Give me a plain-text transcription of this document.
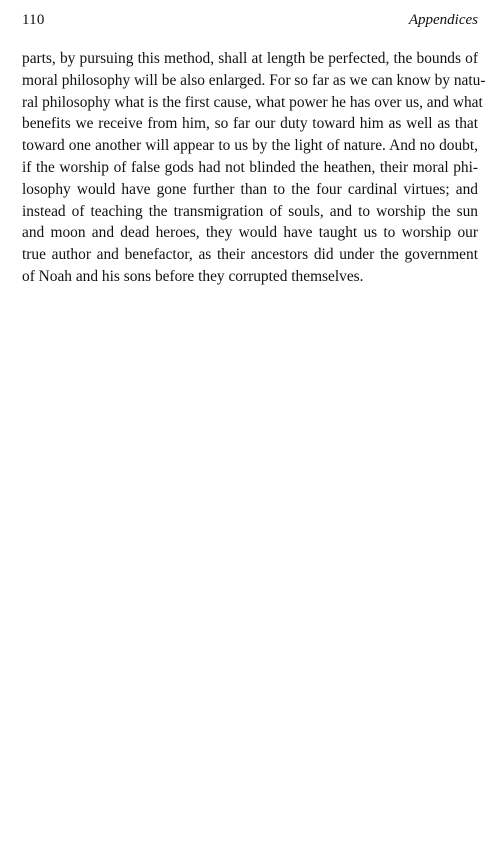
110	Appendices
parts, by pursuing this method, shall at length be perfected, the bounds of
moral philosophy will be also enlarged. For so far as we can know by natu-
ral philosophy what is the first cause, what power he has over us, and what
benefits we receive from him, so far our duty toward him as well as that
toward one another will appear to us by the light of nature. And no doubt,
if the worship of false gods had not blinded the heathen, their moral phi-
losophy would have gone further than to the four cardinal virtues; and
instead of teaching the transmigration of souls, and to worship the sun
and moon and dead heroes, they would have taught us to worship our
true author and benefactor, as their ancestors did under the government
of Noah and his sons before they corrupted themselves.
